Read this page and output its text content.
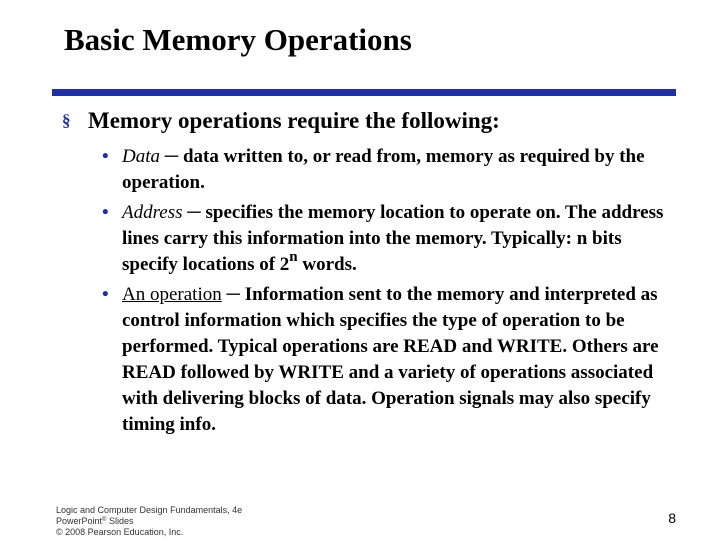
Basic Memory Operations
§ Memory operations require the following:
• Data ─ data written to, or read from, memory as required by the operation.
• Address ─ specifies the memory location to operate on. The address lines carry this information into the memory. Typically: n bits specify locations of 2$^n$ words.
• An operation ─ Information sent to the memory and interpreted as control information which specifies the type of operation to be performed. Typical operations are READ and WRITE. Others are READ followed by WRITE and a variety of operations associated with delivering blocks of data. Operation signals may also specify timing info.
Logic and Computer Design Fundamentals, 4e
PowerPoint® Slides
© 2008 Pearson Education, Inc.
8
